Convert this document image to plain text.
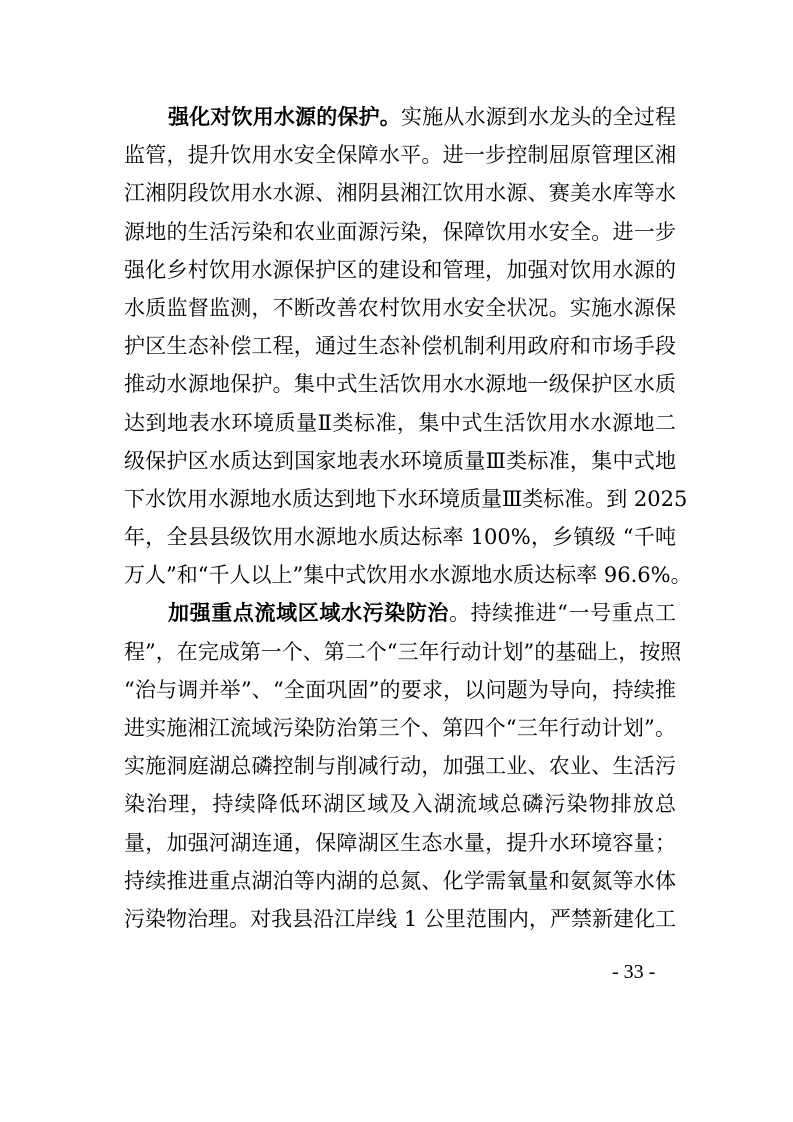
强化对饮用水源的保护。实施从水源到水龙头的全过程
监管，提升饮用水安全保障水平。进一步控制屈原管理区湘
江湘阴段饮用水水源、湘阴县湘江饮用水源、赛美水库等水
源地的生活污染和农业面源污染，保障饮用水安全。进一步
强化乡村饮用水源保护区的建设和管理，加强对饮用水源的
水质监督监测，不断改善农村饮用水安全状况。实施水源保
护区生态补偿工程，通过生态补偿机制利用政府和市场手段
推动水源地保护。集中式生活饮用水水源地一级保护区水质
达到地表水环境质量Ⅱ类标准，集中式生活饮用水水源地二
级保护区水质达到国家地表水环境质量Ⅲ类标准，集中式地
下水饮用水源地水质达到地下水环境质量Ⅲ类标准。到 2025
年，全县县级饮用水源地水质达标率 100%，乡镇级 “千吨
万人”和“千人以上”集中式饮用水水源地水质达标率 96.6%。
加强重点流域区域水污染防治。持续推进“一号重点工
程”，在完成第一个、第二个“三年行动计划”的基础上，按照
“治与调并举”、“全面巩固”的要求，以问题为导向，持续推
进实施湘江流域污染防治第三个、第四个“三年行动计划”。
实施洞庭湖总磷控制与削减行动，加强工业、农业、生活污
染治理，持续降低环湖区域及入湖流域总磷污染物排放总
量，加强河湖连通，保障湖区生态水量，提升水环境容量；
持续推进重点湖泊等内湖的总氮、化学需氧量和氨氮等水体
污染物治理。对我县沿江岸线 1 公里范围内，严禁新建化工
- 33 -
